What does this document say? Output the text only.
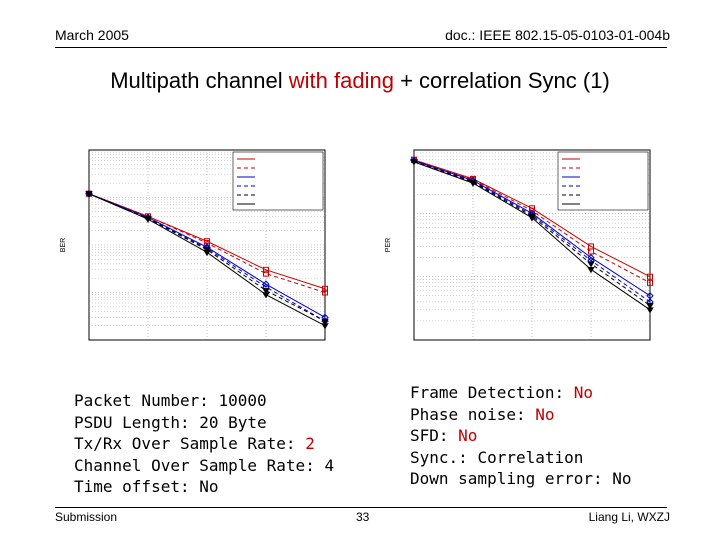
March 2005	doc.: IEEE 802.15-05-0103-01-004b
Multipath channel with fading + correlation Sync (1)
BER	PER
Packet Number: 10000
PSDU Length: 20 Byte
Tx/Rx Over Sample Rate: 2
Channel Over Sample Rate: 4
Time offset: No
Frame Detection: No
Phase noise: No
SFD: No
Sync.: Correlation
Down sampling error: No
Submission	33	Liang Li, WXZJ
